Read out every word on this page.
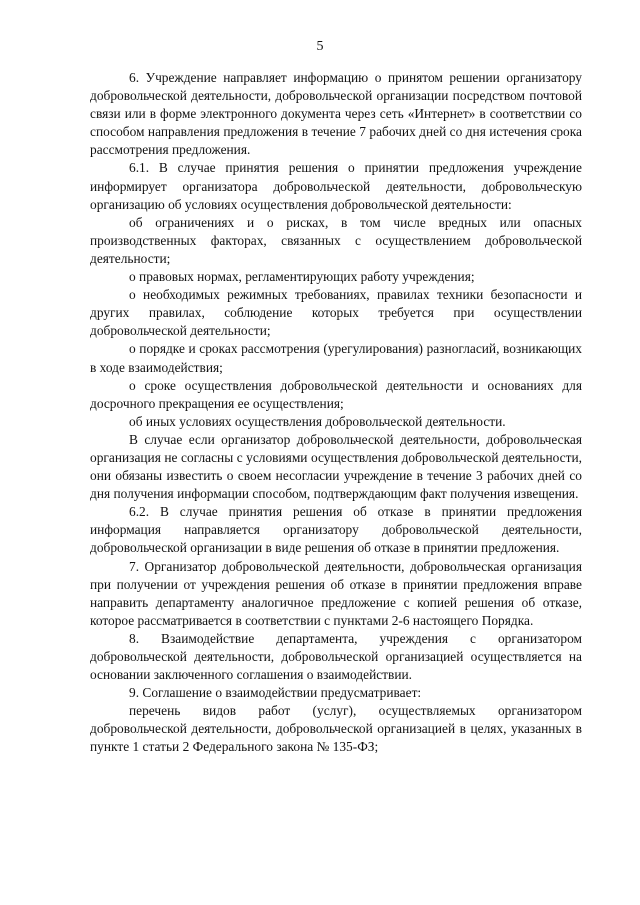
5

6. Учреждение направляет информацию о принятом решении организатору добровольческой деятельности, добровольческой организации посредством почтовой связи или в форме электронного документа через сеть «Интернет» в соответствии со способом направления предложения в течение 7 рабочих дней со дня истечения срока рассмотрения предложения.

6.1. В случае принятия решения о принятии предложения учреждение информирует организатора добровольческой деятельности, добровольческую организацию об условиях осуществления добровольческой деятельности:

об ограничениях и о рисках, в том числе вредных или опасных производственных факторах, связанных с осуществлением добровольческой деятельности;

о правовых нормах, регламентирующих работу учреждения;

о необходимых режимных требованиях, правилах техники безопасности и других правилах, соблюдение которых требуется при осуществлении добровольческой деятельности;

о порядке и сроках рассмотрения (урегулирования) разногласий, возникающих в ходе взаимодействия;

о сроке осуществления добровольческой деятельности и основаниях для досрочного прекращения ее осуществления;

об иных условиях осуществления добровольческой деятельности.

В случае если организатор добровольческой деятельности, добровольческая организация не согласны с условиями осуществления добровольческой деятельности, они обязаны известить о своем несогласии учреждение в течение 3 рабочих дней со дня получения информации способом, подтверждающим факт получения извещения.

6.2. В случае принятия решения об отказе в принятии предложения информация направляется организатору добровольческой деятельности, добровольческой организации в виде решения об отказе в принятии предложения.

7. Организатор добровольческой деятельности, добровольческая организация при получении от учреждения решения об отказе в принятии предложения вправе направить департаменту аналогичное предложение с копией решения об отказе, которое рассматривается в соответствии с пунктами 2-6 настоящего Порядка.

8. Взаимодействие департамента, учреждения с организатором добровольческой деятельности, добровольческой организацией осуществляется на основании заключенного соглашения о взаимодействии.

9. Соглашение о взаимодействии предусматривает:

перечень видов работ (услуг), осуществляемых организатором добровольческой деятельности, добровольческой организацией в целях, указанных в пункте 1 статьи 2 Федерального закона № 135-ФЗ;
